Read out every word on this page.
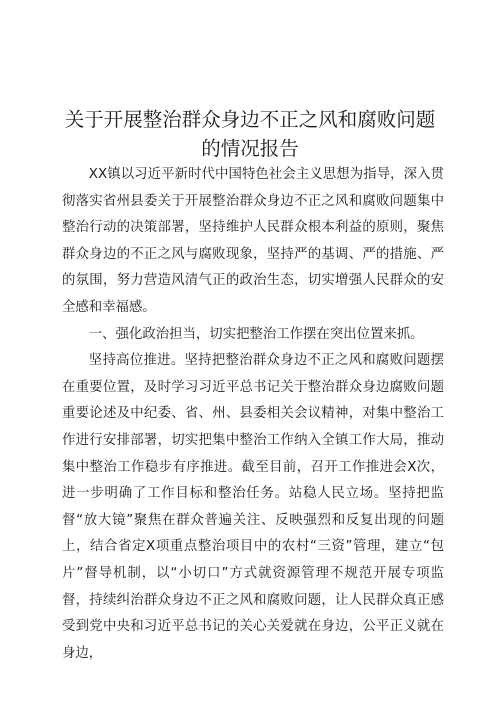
关于开展整治群众身边不正之风和腐败问题的情况报告

XX镇以习近平新时代中国特色社会主义思想为指导，深入贯彻落实省州县委关于开展整治群众身边不正之风和腐败问题集中整治行动的决策部署，坚持维护人民群众根本利益的原则，聚焦群众身边的不正之风与腐败现象，坚持严的基调、严的措施、严的氛围，努力营造风清气正的政治生态，切实增强人民群众的安全感和幸福感。

一、强化政治担当，切实把整治工作摆在突出位置来抓。

坚持高位推进。坚持把整治群众身边不正之风和腐败问题摆在重要位置，及时学习习近平总书记关于整治群众身边腐败问题重要论述及中纪委、省、州、县委相关会议精神，对集中整治工作进行安排部署，切实把集中整治工作纳入全镇工作大局，推动集中整治工作稳步有序推进。截至目前，召开工作推进会X次，进一步明确了工作目标和整治任务。站稳人民立场。坚持把监督“放大镜”聚焦在群众普遍关注、反映强烈和反复出现的问题上，结合省定X项重点整治项目中的农村“三资”管理，建立“包片”督导机制，以“小切口”方式就资源管理不规范开展专项监督，持续纠治群众身边不正之风和腐败问题，让人民群众真正感受到党中央和习近平总书记的关心关爱就在身边，公平正义就在身边，
